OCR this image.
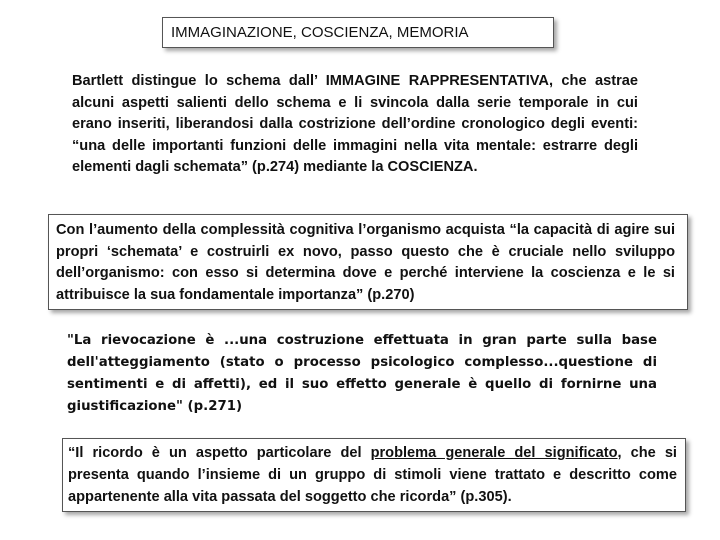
IMMAGINAZIONE, COSCIENZA, MEMORIA
Bartlett distingue lo schema dall’ IMMAGINE RAPPRESENTATIVA, che astrae alcuni aspetti salienti dello schema e li svincola dalla serie temporale in cui erano inseriti, liberandosi dalla costrizione dell’ordine cronologico degli eventi: “una delle importanti funzioni delle immagini nella vita mentale: estrarre degli elementi dagli schemata” (p.274) mediante la COSCIENZA.
Con l’aumento della complessità cognitiva l’organismo acquista “la capacità di agire sui propri ‘schemata’ e costruirli ex novo, passo questo che è cruciale nello sviluppo dell’organismo: con esso si determina dove e perché interviene la coscienza e le si attribuisce la sua fondamentale importanza” (p.270)
"La rievocazione è ...una costruzione effettuata in gran parte sulla base dell'atteggiamento (stato o processo psicologico complesso...questione di sentimenti e di affetti), ed il suo effetto generale è quello di fornirne una giustificazione" (p.271)
“Il ricordo è un aspetto particolare del problema generale del significato, che si presenta quando l’insieme di un gruppo di stimoli viene trattato e descritto come appartenente alla vita passata del soggetto che ricorda” (p.305).
